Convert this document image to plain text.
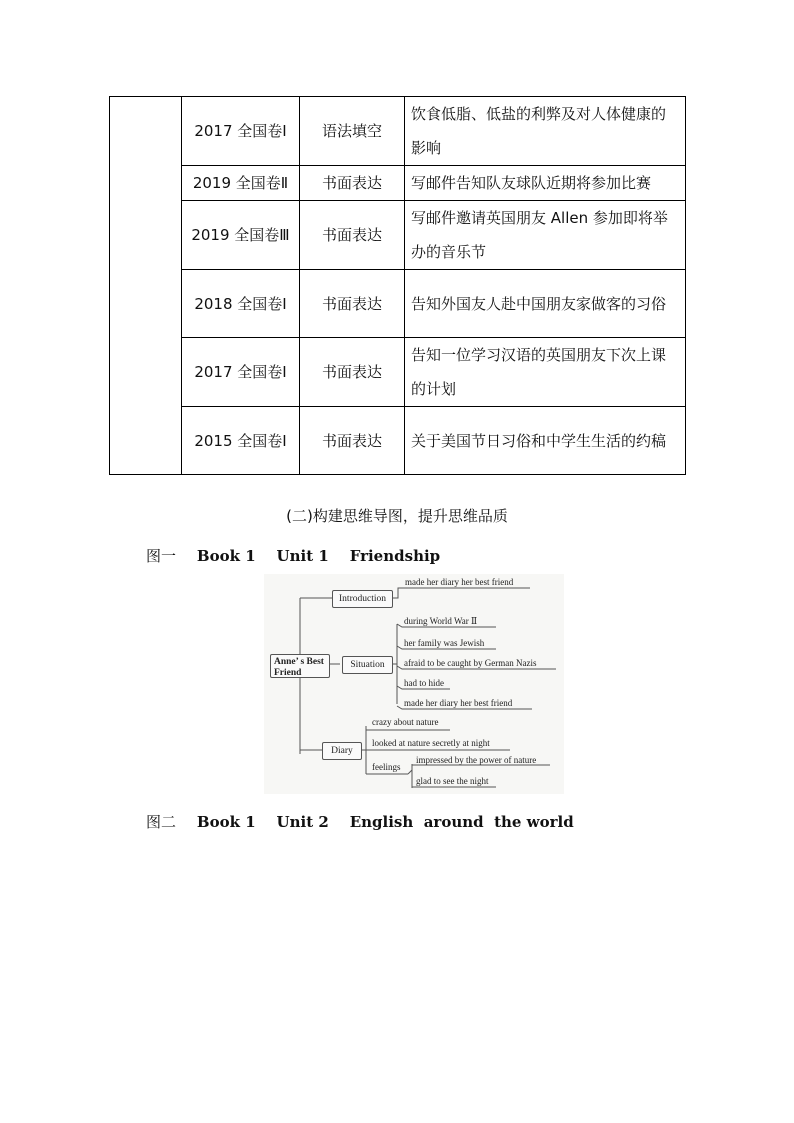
	2017 全国卷Ⅰ	语法填空	饮食低脂、低盐的利弊及对人体健康的影响
	2019 全国卷Ⅱ	书面表达	写邮件告知队友球队近期将参加比赛
	2019 全国卷Ⅲ	书面表达	写邮件邀请英国朋友 Allen 参加即将举办的音乐节
	2018 全国卷Ⅰ	书面表达	告知外国友人赴中国朋友家做客的习俗
	2017 全国卷Ⅰ	书面表达	告知一位学习汉语的英国朋友下次上课的计划
	2015 全国卷Ⅰ	书面表达	关于美国节日习俗和中学生生活的约稿
(二)构建思维导图，提升思维品质
图一 Book 1    Unit 1    Friendship
Anne’ s Best Friend
Introduction
made her diary her best friend
Situation
during World War Ⅱ
her family was Jewish
afraid to be caught by German Nazis
had to hide
made her diary her best friend
Diary
crazy about nature
looked at nature secretly at night
feelings
impressed by the power of nature
glad to see the night
图二 Book 1    Unit 2    English  around  the world
